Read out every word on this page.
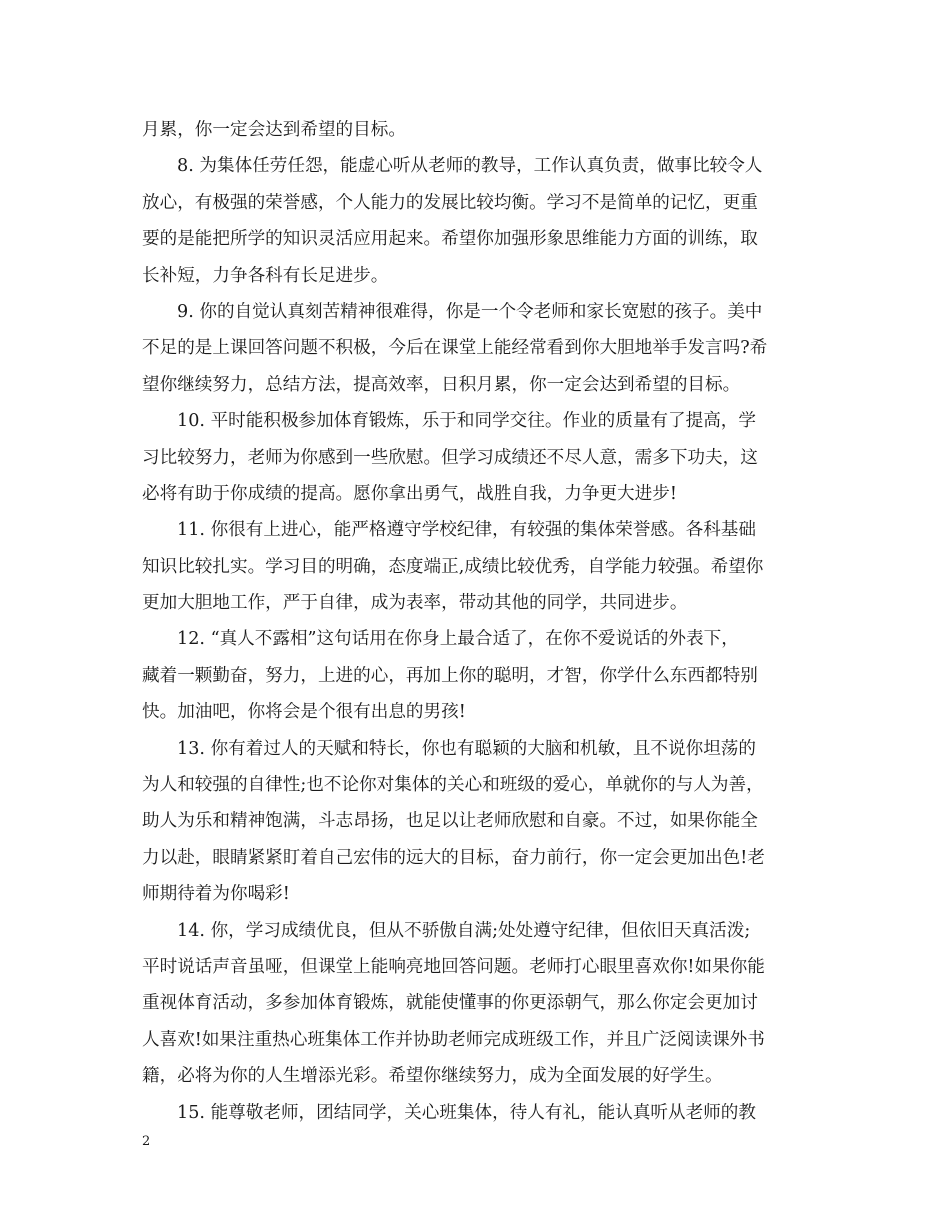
月累，你一定会达到希望的目标。
8. 为集体任劳任怨，能虚心听从老师的教导，工作认真负责，做事比较令人
放心，有极强的荣誉感，个人能力的发展比较均衡。学习不是简单的记忆，更重
要的是能把所学的知识灵活应用起来。希望你加强形象思维能力方面的训练，取
长补短，力争各科有长足进步。
9. 你的自觉认真刻苦精神很难得，你是一个令老师和家长宽慰的孩子。美中
不足的是上课回答问题不积极，今后在课堂上能经常看到你大胆地举手发言吗?希
望你继续努力，总结方法，提高效率，日积月累，你一定会达到希望的目标。
10. 平时能积极参加体育锻炼，乐于和同学交往。作业的质量有了提高，学
习比较努力，老师为你感到一些欣慰。但学习成绩还不尽人意，需多下功夫，这
必将有助于你成绩的提高。愿你拿出勇气，战胜自我，力争更大进步!
11. 你很有上进心，能严格遵守学校纪律，有较强的集体荣誉感。各科基础
知识比较扎实。学习目的明确，态度端正,成绩比较优秀，自学能力较强。希望你
更加大胆地工作，严于自律，成为表率，带动其他的同学，共同进步。
12. “真人不露相”这句话用在你身上最合适了，在你不爱说话的外表下，
藏着一颗勤奋，努力，上进的心，再加上你的聪明，才智，你学什么东西都特别
快。加油吧，你将会是个很有出息的男孩!
13. 你有着过人的天赋和特长，你也有聪颖的大脑和机敏，且不说你坦荡的
为人和较强的自律性;也不论你对集体的关心和班级的爱心，单就你的与人为善，
助人为乐和精神饱满，斗志昂扬，也足以让老师欣慰和自豪。不过，如果你能全
力以赴，眼睛紧紧盯着自己宏伟的远大的目标，奋力前行，你一定会更加出色!老
师期待着为你喝彩!
14. 你，学习成绩优良，但从不骄傲自满;处处遵守纪律，但依旧天真活泼;
平时说话声音虽哑，但课堂上能响亮地回答问题。老师打心眼里喜欢你!如果你能
重视体育活动，多参加体育锻炼，就能使懂事的你更添朝气，那么你定会更加讨
人喜欢!如果注重热心班集体工作并协助老师完成班级工作，并且广泛阅读课外书
籍，必将为你的人生增添光彩。希望你继续努力，成为全面发展的好学生。
15. 能尊敬老师，团结同学，关心班集体，待人有礼，能认真听从老师的教
2
